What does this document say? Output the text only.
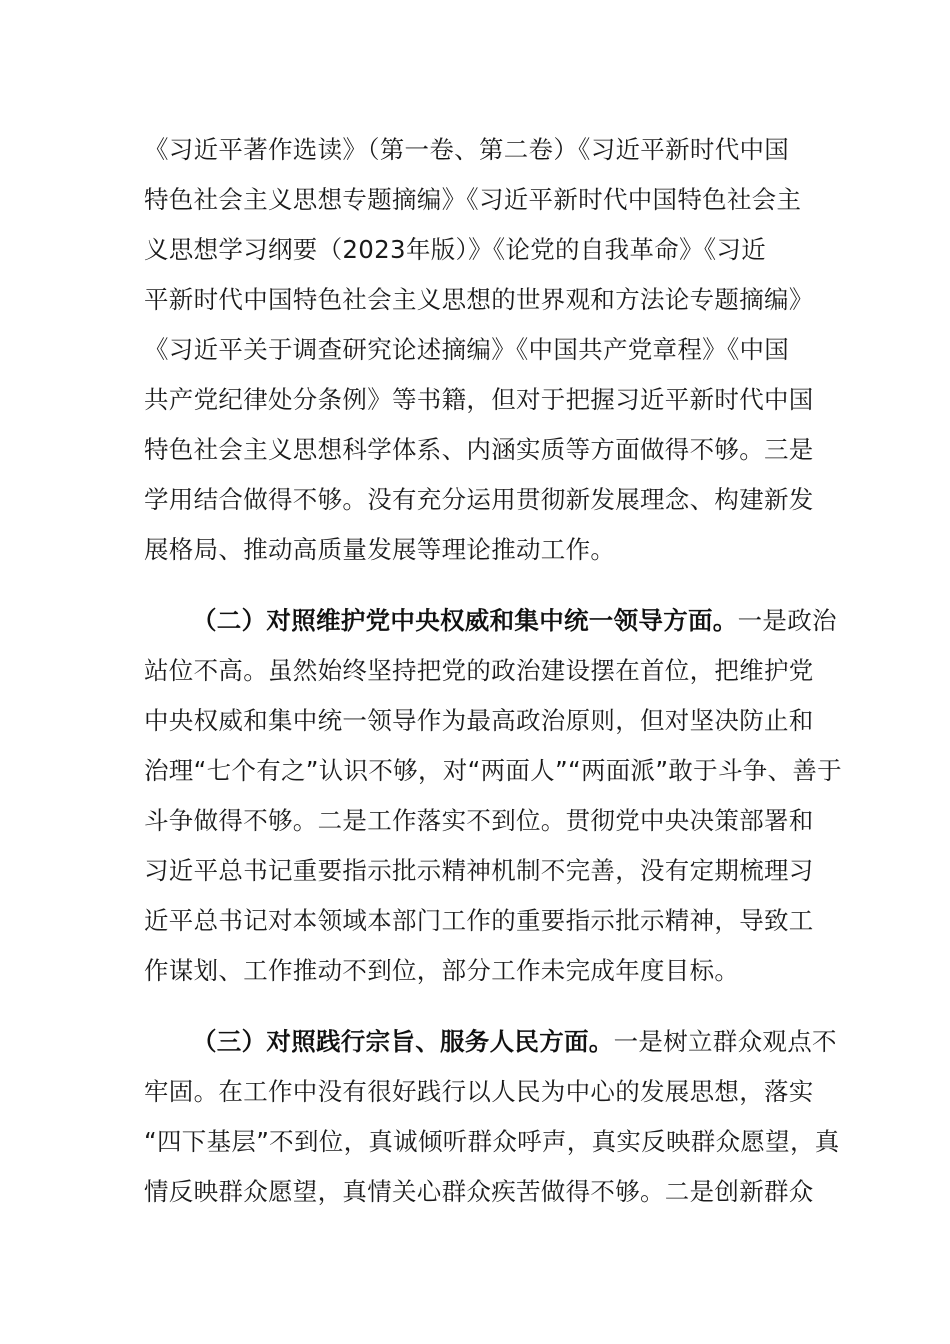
《习近平著作选读》（第一卷、第二卷）《习近平新时代中国
特色社会主义思想专题摘编》《习近平新时代中国特色社会主
义思想学习纲要（2023年版）》《论党的自我革命》《习近
平新时代中国特色社会主义思想的世界观和方法论专题摘编》
《习近平关于调查研究论述摘编》《中国共产党章程》《中国
共产党纪律处分条例》等书籍，但对于把握习近平新时代中国
特色社会主义思想科学体系、内涵实质等方面做得不够。三是
学用结合做得不够。没有充分运用贯彻新发展理念、构建新发
展格局、推动高质量发展等理论推动工作。
（二）对照维护党中央权威和集中统一领导方面。一是政治
站位不高。虽然始终坚持把党的政治建设摆在首位，把维护党
中央权威和集中统一领导作为最高政治原则，但对坚决防止和
治理“七个有之”认识不够，对“两面人”“两面派”敢于斗争、善于
斗争做得不够。二是工作落实不到位。贯彻党中央决策部署和
习近平总书记重要指示批示精神机制不完善，没有定期梳理习
近平总书记对本领域本部门工作的重要指示批示精神，导致工
作谋划、工作推动不到位，部分工作未完成年度目标。
（三）对照践行宗旨、服务人民方面。一是树立群众观点不
牢固。在工作中没有很好践行以人民为中心的发展思想，落实
“四下基层”不到位，真诚倾听群众呼声，真实反映群众愿望，真
情反映群众愿望，真情关心群众疾苦做得不够。二是创新群众
